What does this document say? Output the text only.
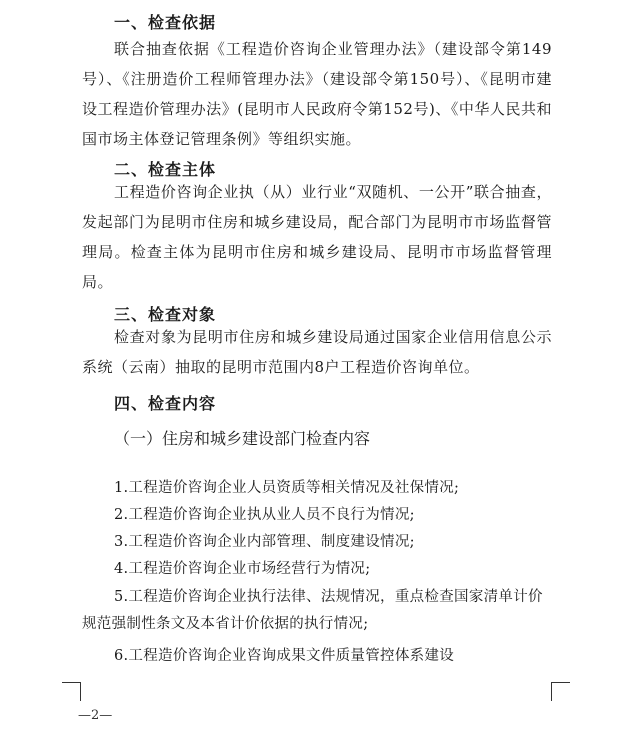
一、检查依据
联合抽查依据《工程造价咨询企业管理办法》（建设部令第149号）、《注册造价工程师管理办法》（建设部令第150号）、《昆明市建设工程造价管理办法》(昆明市人民政府令第152号)、《中华人民共和国市场主体登记管理条例》等组织实施。
二、检查主体
工程造价咨询企业执（从）业行业“双随机、一公开”联合抽查，发起部门为昆明市住房和城乡建设局，配合部门为昆明市市场监督管理局。检查主体为昆明市住房和城乡建设局、昆明市市场监督管理局。
三、检查对象
检查对象为昆明市住房和城乡建设局通过国家企业信用信息公示系统（云南）抽取的昆明市范围内8户工程造价咨询单位。
四、检查内容
（一）住房和城乡建设部门检查内容
1.工程造价咨询企业人员资质等相关情况及社保情况;
2.工程造价咨询企业执从业人员不良行为情况;
3.工程造价咨询企业内部管理、制度建设情况;
4.工程造价咨询企业市场经营行为情况;
5.工程造价咨询企业执行法律、法规情况，重点检查国家清单计价规范强制性条文及本省计价依据的执行情况;
6.工程造价咨询企业咨询成果文件质量管控体系建设
—2—
